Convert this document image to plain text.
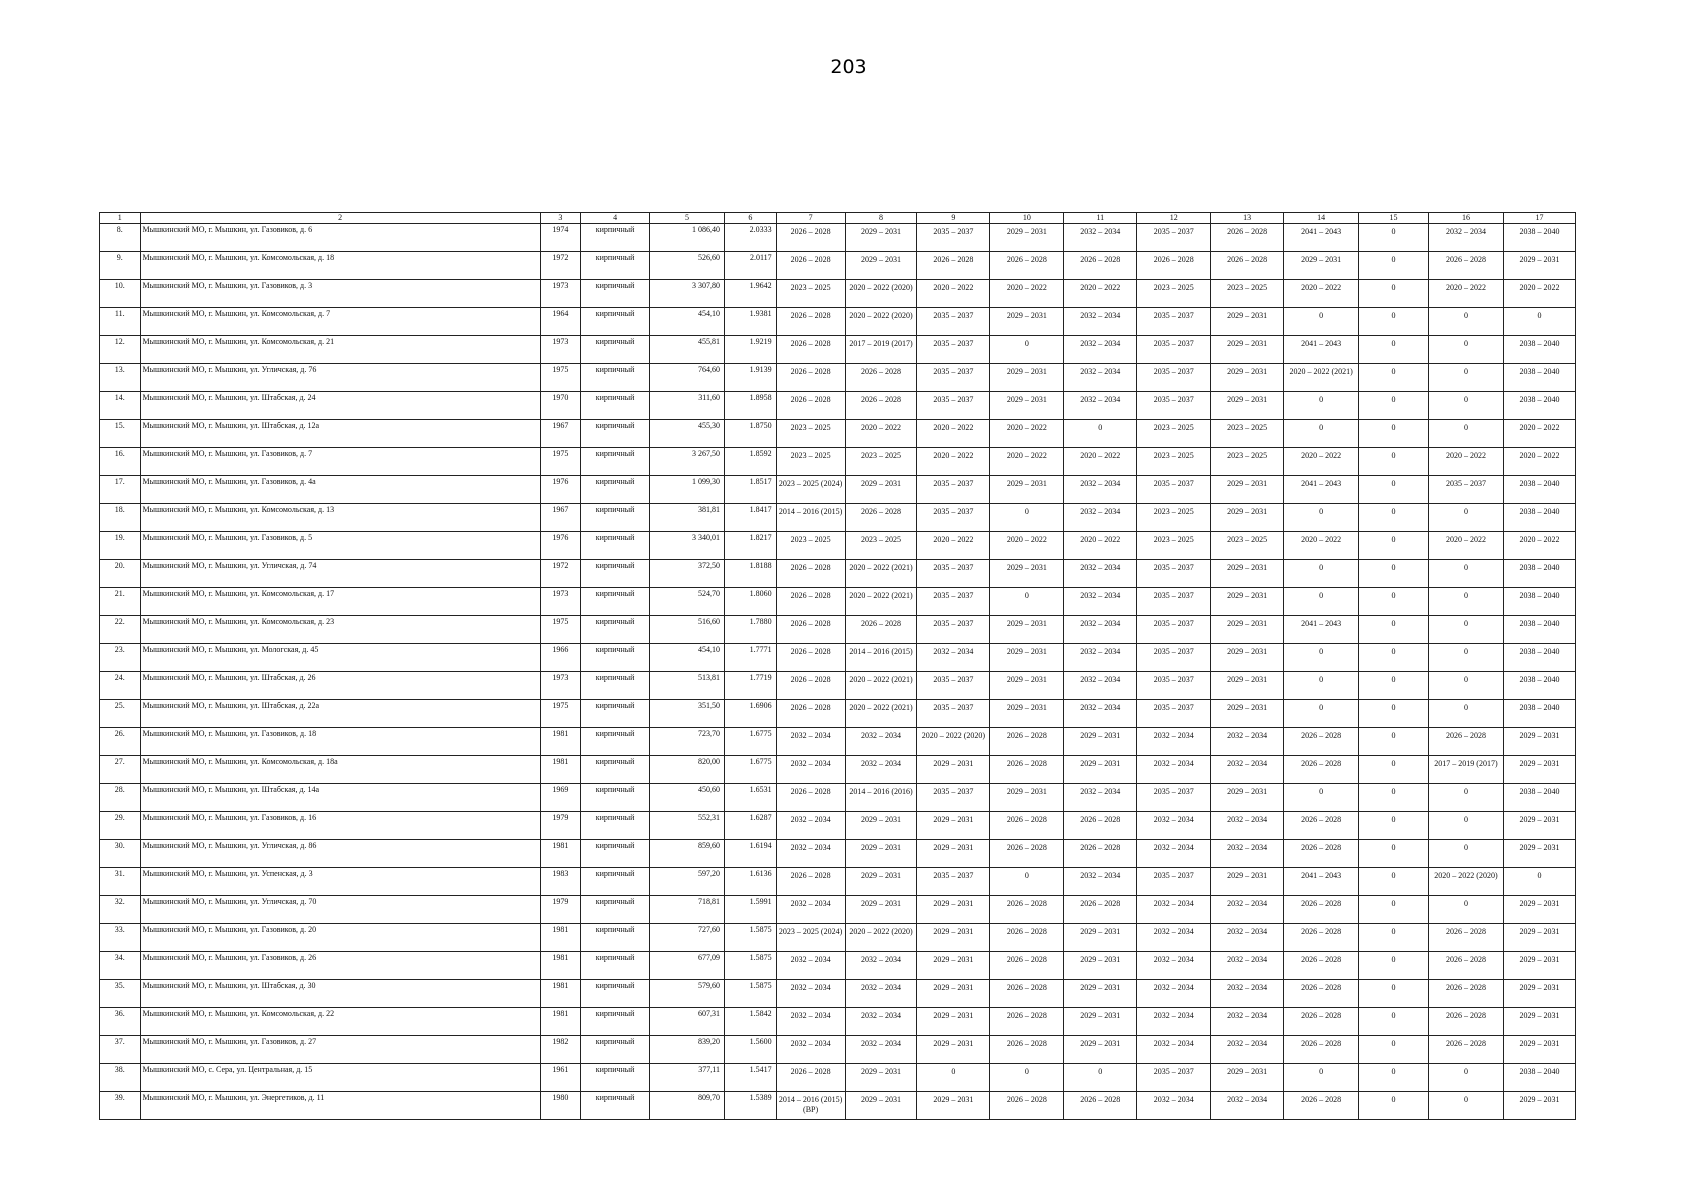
203
1	2	3	4	5	6	7	8	9	10	11	12	13	14	15	16	17
8.	Мышкинский МО, г. Мышкин, ул. Газовиков, д. 6	1974	кирпичный	1 086,40	2.0333	2026 – 2028	2029 – 2031	2035 – 2037	2029 – 2031	2032 – 2034	2035 – 2037	2026 – 2028	2041 – 2043	0	2032 – 2034	2038 – 2040
9.	Мышкинский МО, г. Мышкин, ул. Комсомольская, д. 18	1972	кирпичный	526,60	2.0117	2026 – 2028	2029 – 2031	2026 – 2028	2026 – 2028	2026 – 2028	2026 – 2028	2026 – 2028	2029 – 2031	0	2026 – 2028	2029 – 2031
10.	Мышкинский МО, г. Мышкин, ул. Газовиков, д. 3	1973	кирпичный	3 307,80	1.9642	2023 – 2025	2020 – 2022 (2020)	2020 – 2022	2020 – 2022	2020 – 2022	2023 – 2025	2023 – 2025	2020 – 2022	0	2020 – 2022	2020 – 2022
11.	Мышкинский МО, г. Мышкин, ул. Комсомольская, д. 7	1964	кирпичный	454,10	1.9381	2026 – 2028	2020 – 2022 (2020)	2035 – 2037	2029 – 2031	2032 – 2034	2035 – 2037	2029 – 2031	0	0	0	0
12.	Мышкинский МО, г. Мышкин, ул. Комсомольская, д. 21	1973	кирпичный	455,81	1.9219	2026 – 2028	2017 – 2019 (2017)	2035 – 2037	0	2032 – 2034	2035 – 2037	2029 – 2031	2041 – 2043	0	0	2038 – 2040
13.	Мышкинский МО, г. Мышкин, ул. Угличская, д. 76	1975	кирпичный	764,60	1.9139	2026 – 2028	2026 – 2028	2035 – 2037	2029 – 2031	2032 – 2034	2035 – 2037	2029 – 2031	2020 – 2022 (2021)	0	0	2038 – 2040
14.	Мышкинский МО, г. Мышкин, ул. Штабская, д. 24	1970	кирпичный	311,60	1.8958	2026 – 2028	2026 – 2028	2035 – 2037	2029 – 2031	2032 – 2034	2035 – 2037	2029 – 2031	0	0	0	2038 – 2040
15.	Мышкинский МО, г. Мышкин, ул. Штабская, д. 12а	1967	кирпичный	455,30	1.8750	2023 – 2025	2020 – 2022	2020 – 2022	2020 – 2022	0	2023 – 2025	2023 – 2025	0	0	0	2020 – 2022
16.	Мышкинский МО, г. Мышкин, ул. Газовиков, д. 7	1975	кирпичный	3 267,50	1.8592	2023 – 2025	2023 – 2025	2020 – 2022	2020 – 2022	2020 – 2022	2023 – 2025	2023 – 2025	2020 – 2022	0	2020 – 2022	2020 – 2022
17.	Мышкинский МО, г. Мышкин, ул. Газовиков, д. 4а	1976	кирпичный	1 099,30	1.8517	2023 – 2025 (2024)	2029 – 2031	2035 – 2037	2029 – 2031	2032 – 2034	2035 – 2037	2029 – 2031	2041 – 2043	0	2035 – 2037	2038 – 2040
18.	Мышкинский МО, г. Мышкин, ул. Комсомольская, д. 13	1967	кирпичный	381,81	1.8417	2014 – 2016 (2015)	2026 – 2028	2035 – 2037	0	2032 – 2034	2023 – 2025	2029 – 2031	0	0	0	2038 – 2040
19.	Мышкинский МО, г. Мышкин, ул. Газовиков, д. 5	1976	кирпичный	3 340,01	1.8217	2023 – 2025	2023 – 2025	2020 – 2022	2020 – 2022	2020 – 2022	2023 – 2025	2023 – 2025	2020 – 2022	0	2020 – 2022	2020 – 2022
20.	Мышкинский МО, г. Мышкин, ул. Угличская, д. 74	1972	кирпичный	372,50	1.8188	2026 – 2028	2020 – 2022 (2021)	2035 – 2037	2029 – 2031	2032 – 2034	2035 – 2037	2029 – 2031	0	0	0	2038 – 2040
21.	Мышкинский МО, г. Мышкин, ул. Комсомольская, д. 17	1973	кирпичный	524,70	1.8060	2026 – 2028	2020 – 2022 (2021)	2035 – 2037	0	2032 – 2034	2035 – 2037	2029 – 2031	0	0	0	2038 – 2040
22.	Мышкинский МО, г. Мышкин, ул. Комсомольская, д. 23	1975	кирпичный	516,60	1.7880	2026 – 2028	2026 – 2028	2035 – 2037	2029 – 2031	2032 – 2034	2035 – 2037	2029 – 2031	2041 – 2043	0	0	2038 – 2040
23.	Мышкинский МО, г. Мышкин, ул. Мологская, д. 45	1966	кирпичный	454,10	1.7771	2026 – 2028	2014 – 2016 (2015)	2032 – 2034	2029 – 2031	2032 – 2034	2035 – 2037	2029 – 2031	0	0	0	2038 – 2040
24.	Мышкинский МО, г. Мышкин, ул. Штабская, д. 26	1973	кирпичный	513,81	1.7719	2026 – 2028	2020 – 2022 (2021)	2035 – 2037	2029 – 2031	2032 – 2034	2035 – 2037	2029 – 2031	0	0	0	2038 – 2040
25.	Мышкинский МО, г. Мышкин, ул. Штабская, д. 22а	1975	кирпичный	351,50	1.6906	2026 – 2028	2020 – 2022 (2021)	2035 – 2037	2029 – 2031	2032 – 2034	2035 – 2037	2029 – 2031	0	0	0	2038 – 2040
26.	Мышкинский МО, г. Мышкин, ул. Газовиков, д. 18	1981	кирпичный	723,70	1.6775	2032 – 2034	2032 – 2034	2020 – 2022 (2020)	2026 – 2028	2029 – 2031	2032 – 2034	2032 – 2034	2026 – 2028	0	2026 – 2028	2029 – 2031
27.	Мышкинский МО, г. Мышкин, ул. Комсомольская, д. 18а	1981	кирпичный	820,00	1.6775	2032 – 2034	2032 – 2034	2029 – 2031	2026 – 2028	2029 – 2031	2032 – 2034	2032 – 2034	2026 – 2028	0	2017 – 2019 (2017)	2029 – 2031
28.	Мышкинский МО, г. Мышкин, ул. Штабская, д. 14а	1969	кирпичный	450,60	1.6531	2026 – 2028	2014 – 2016 (2016)	2035 – 2037	2029 – 2031	2032 – 2034	2035 – 2037	2029 – 2031	0	0	0	2038 – 2040
29.	Мышкинский МО, г. Мышкин, ул. Газовиков, д. 16	1979	кирпичный	552,31	1.6287	2032 – 2034	2029 – 2031	2029 – 2031	2026 – 2028	2026 – 2028	2032 – 2034	2032 – 2034	2026 – 2028	0	0	2029 – 2031
30.	Мышкинский МО, г. Мышкин, ул. Угличская, д. 86	1981	кирпичный	859,60	1.6194	2032 – 2034	2029 – 2031	2029 – 2031	2026 – 2028	2026 – 2028	2032 – 2034	2032 – 2034	2026 – 2028	0	0	2029 – 2031
31.	Мышкинский МО, г. Мышкин, ул. Успенская, д. 3	1983	кирпичный	597,20	1.6136	2026 – 2028	2029 – 2031	2035 – 2037	0	2032 – 2034	2035 – 2037	2029 – 2031	2041 – 2043	0	2020 – 2022 (2020)	0
32.	Мышкинский МО, г. Мышкин, ул. Угличская, д. 70	1979	кирпичный	718,81	1.5991	2032 – 2034	2029 – 2031	2029 – 2031	2026 – 2028	2026 – 2028	2032 – 2034	2032 – 2034	2026 – 2028	0	0	2029 – 2031
33.	Мышкинский МО, г. Мышкин, ул. Газовиков, д. 20	1981	кирпичный	727,60	1.5875	2023 – 2025 (2024)	2020 – 2022 (2020)	2029 – 2031	2026 – 2028	2029 – 2031	2032 – 2034	2032 – 2034	2026 – 2028	0	2026 – 2028	2029 – 2031
34.	Мышкинский МО, г. Мышкин, ул. Газовиков, д. 26	1981	кирпичный	677,09	1.5875	2032 – 2034	2032 – 2034	2029 – 2031	2026 – 2028	2029 – 2031	2032 – 2034	2032 – 2034	2026 – 2028	0	2026 – 2028	2029 – 2031
35.	Мышкинский МО, г. Мышкин, ул. Штабская, д. 30	1981	кирпичный	579,60	1.5875	2032 – 2034	2032 – 2034	2029 – 2031	2026 – 2028	2029 – 2031	2032 – 2034	2032 – 2034	2026 – 2028	0	2026 – 2028	2029 – 2031
36.	Мышкинский МО, г. Мышкин, ул. Комсомольская, д. 22	1981	кирпичный	607,31	1.5842	2032 – 2034	2032 – 2034	2029 – 2031	2026 – 2028	2029 – 2031	2032 – 2034	2032 – 2034	2026 – 2028	0	2026 – 2028	2029 – 2031
37.	Мышкинский МО, г. Мышкин, ул. Газовиков, д. 27	1982	кирпичный	839,20	1.5600	2032 – 2034	2032 – 2034	2029 – 2031	2026 – 2028	2029 – 2031	2032 – 2034	2032 – 2034	2026 – 2028	0	2026 – 2028	2029 – 2031
38.	Мышкинский МО, с. Сера, ул. Центральная, д. 15	1961	кирпичный	377,11	1.5417	2026 – 2028	2029 – 2031	0	0	0	2035 – 2037	2029 – 2031	0	0	0	2038 – 2040
39.	Мышкинский МО, г. Мышкин, ул. Энергетиков, д. 11	1980	кирпичный	809,70	1.5389	2014 – 2016 (2015) (ВР)	2029 – 2031	2029 – 2031	2026 – 2028	2026 – 2028	2032 – 2034	2032 – 2034	2026 – 2028	0	0	2029 – 2031
